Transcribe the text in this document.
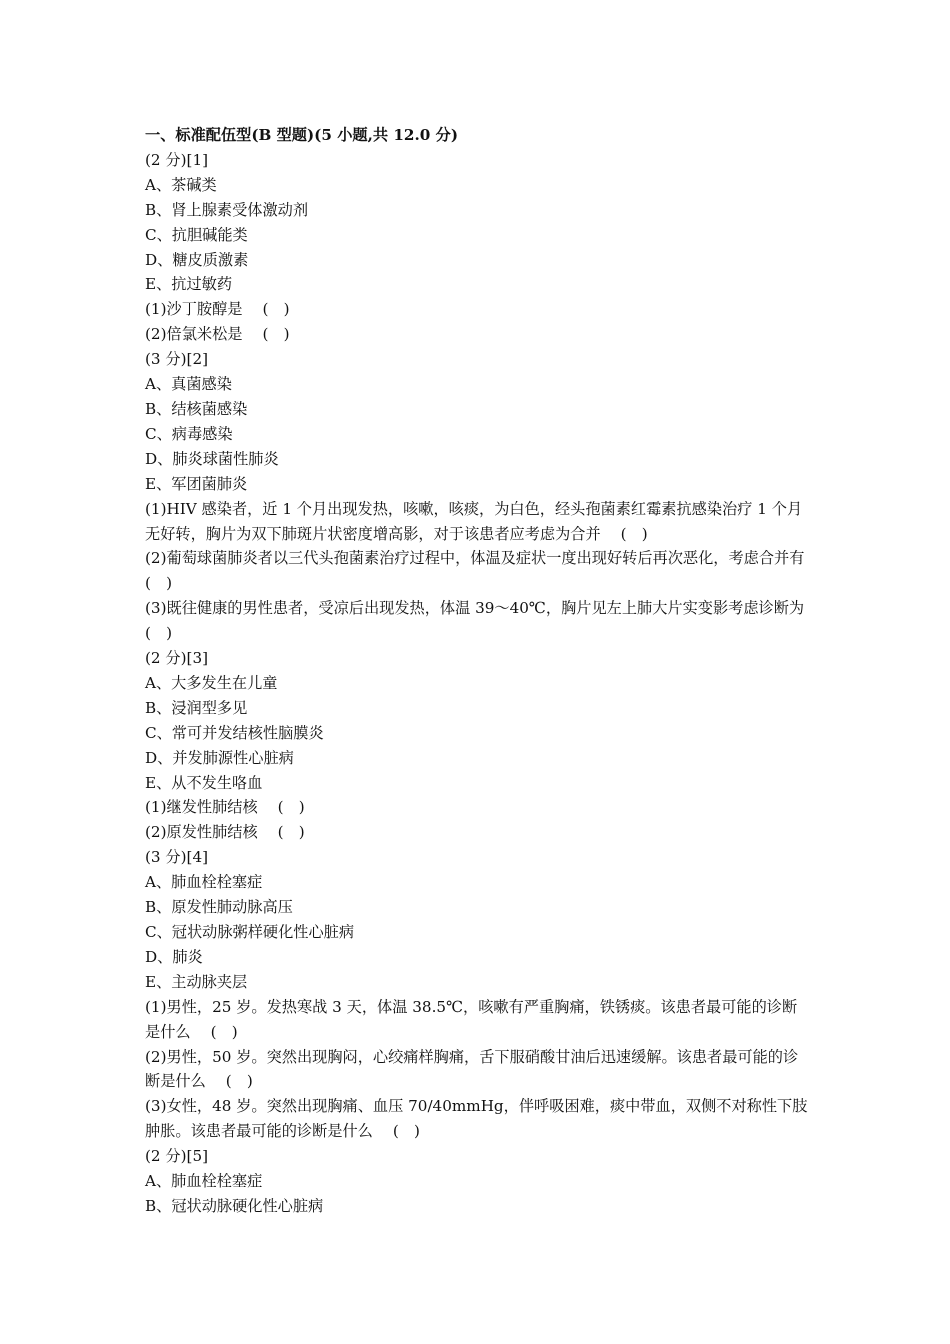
一、标准配伍型(B 型题)(5 小题,共 12.0 分)
(2 分)[1]
A、茶碱类
B、肾上腺素受体激动剂
C、抗胆碱能类
D、糖皮质激素
E、抗过敏药
(1)沙丁胺醇是　 (　)
(2)倍氯米松是　 (　)
(3 分)[2]
A、真菌感染
B、结核菌感染
C、病毒感染
D、肺炎球菌性肺炎
E、军团菌肺炎
(1)HIV 感染者，近 1 个月出现发热，咳嗽，咳痰，为白色，经头孢菌素红霉素抗感染治疗 1 个月无好转，胸片为双下肺斑片状密度增高影，对于该患者应考虑为合并　 (　)
(2)葡萄球菌肺炎者以三代头孢菌素治疗过程中，体温及症状一度出现好转后再次恶化，考虑合并有　 (　)
(3)既往健康的男性患者，受凉后出现发热，体温 39～40℃，胸片见左上肺大片实变影考虑诊断为　 (　)
(2 分)[3]
A、大多发生在儿童
B、浸润型多见
C、常可并发结核性脑膜炎
D、并发肺源性心脏病
E、从不发生咯血
(1)继发性肺结核　 (　)
(2)原发性肺结核　 (　)
(3 分)[4]
A、肺血栓栓塞症
B、原发性肺动脉高压
C、冠状动脉粥样硬化性心脏病
D、肺炎
E、主动脉夹层
(1)男性，25 岁。发热寒战 3 天，体温 38.5℃，咳嗽有严重胸痛，铁锈痰。该患者最可能的诊断是什么　 (　)
(2)男性，50 岁。突然出现胸闷，心绞痛样胸痛，舌下服硝酸甘油后迅速缓解。该患者最可能的诊断是什么　 (　)
(3)女性，48 岁。突然出现胸痛、血压 70/40mmHg，伴呼吸困难，痰中带血，双侧不对称性下肢肿胀。该患者最可能的诊断是什么　 (　)
(2 分)[5]
A、肺血栓栓塞症
B、冠状动脉硬化性心脏病
